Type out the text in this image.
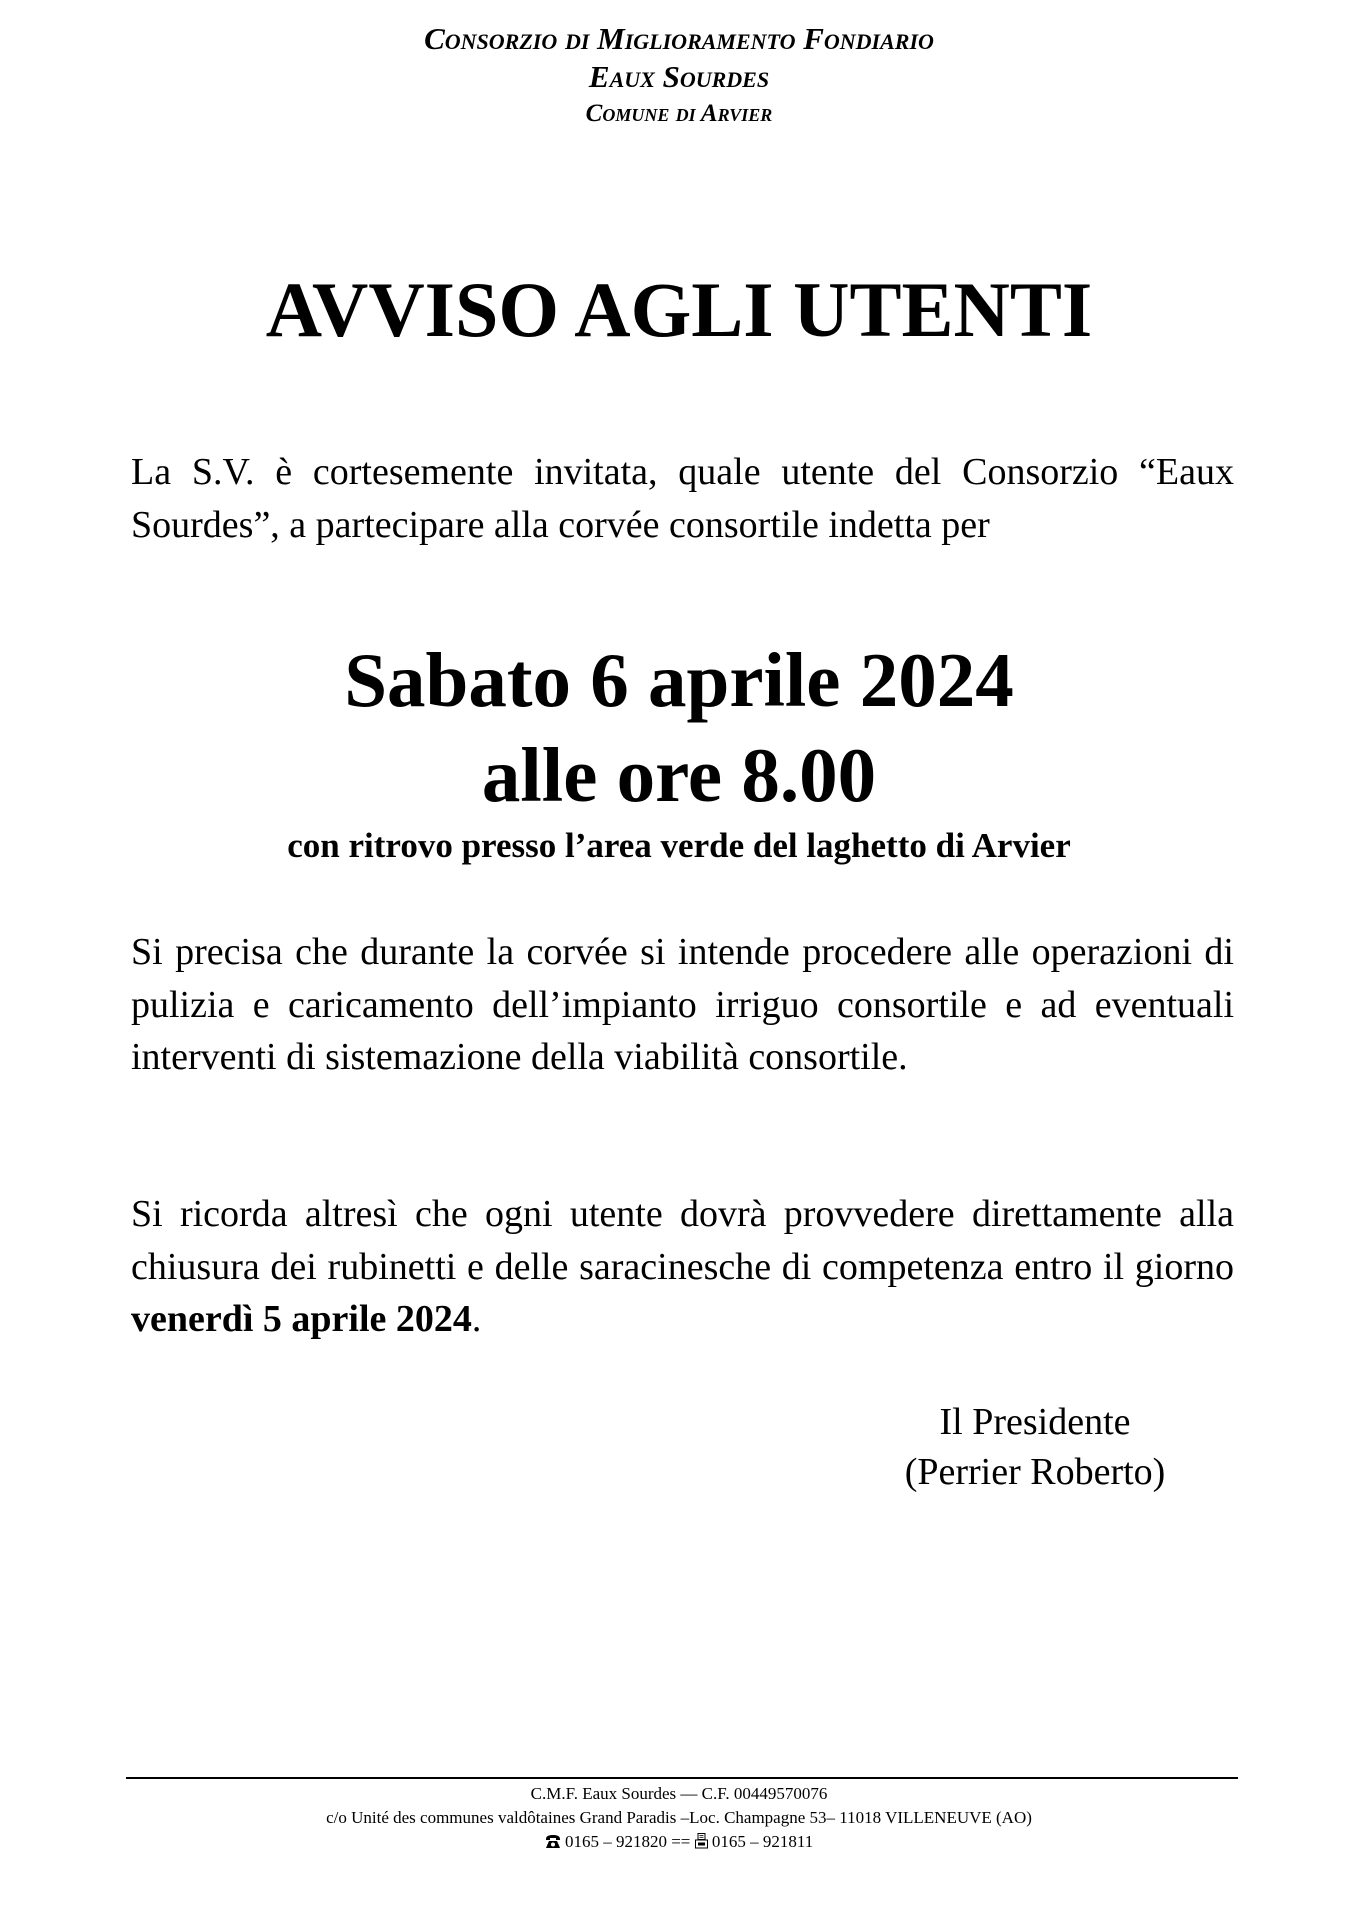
Consorzio di Miglioramento Fondiario
Eaux Sourdes
Comune di Arvier
AVVISO AGLI UTENTI
La S.V. è cortesemente invitata, quale utente del Consorzio “Eaux Sourdes”, a partecipare alla corvée consortile indetta per
Sabato 6 aprile 2024
alle ore 8.00
con ritrovo presso l’area verde del laghetto di Arvier
Si precisa che durante la corvée si intende procedere alle operazioni di pulizia e caricamento dell’impianto irriguo consortile e ad eventuali interventi di sistemazione della viabilità consortile.
Si ricorda altresì che ogni utente dovrà provvedere direttamente alla chiusura dei rubinetti e delle saracinesche di competenza entro il giorno venerdì 5 aprile 2024.
Il Presidente
(Perrier Roberto)
C.M.F. Eaux Sourdes — C.F. 00449570076
c/o Unité des communes valdôtaines Grand Paradis –Loc. Champagne 53– 11018 VILLENEUVE (AO)
0165 – 921820 == 0165 – 921811
